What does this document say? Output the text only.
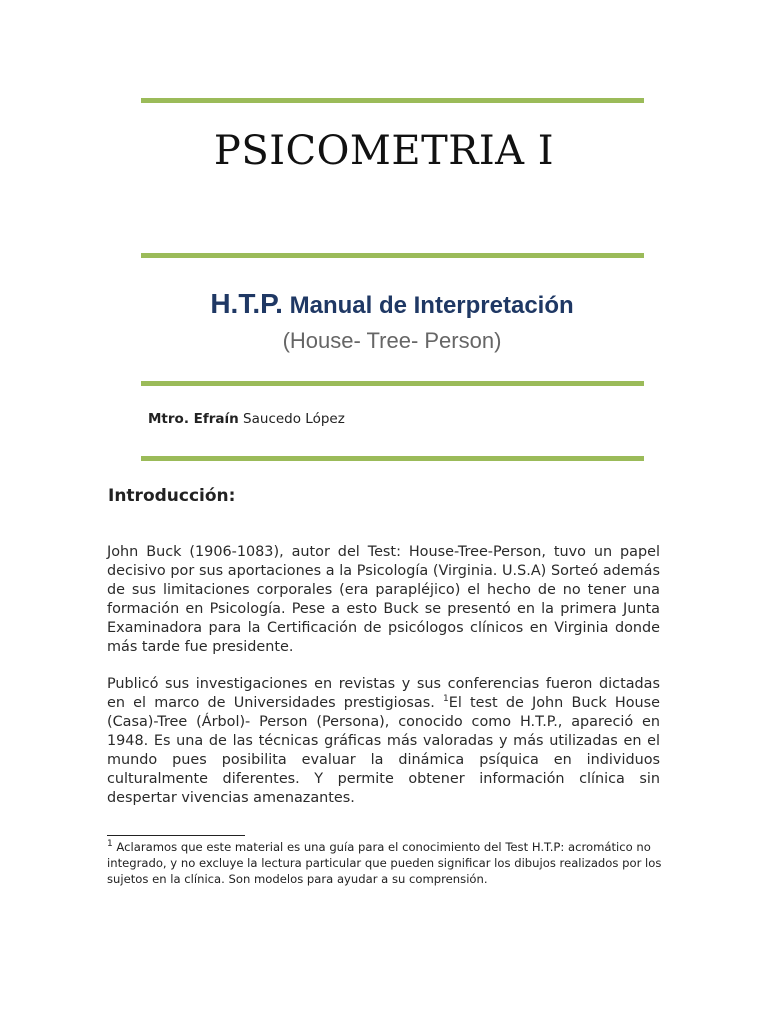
PSICOMETRIA I
H.T.P. Manual de Interpretación
(House- Tree- Person)
Mtro. Efraín Saucedo López
Introducción:

John Buck (1906-1083), autor del Test: House-Tree-Person, tuvo un papel decisivo por sus aportaciones a la Psicología (Virginia. U.S.A) Sorteó además de sus limitaciones corporales (era parapléjico) el hecho de no tener una formación en Psicología. Pese a esto Buck se presentó en la primera Junta Examinadora para la Certificación de psicólogos clínicos en Virginia donde más tarde fue presidente.

Publicó sus investigaciones en revistas y sus conferencias fueron dictadas en el marco de Universidades prestigiosas. $^1$El test de John Buck House (Casa)-Tree (Árbol)- Person (Persona), conocido como H.T.P., apareció en 1948. Es una de las técnicas gráficas más valoradas y más utilizadas en el mundo pues posibilita evaluar la dinámica psíquica en individuos culturalmente diferentes. Y permite obtener información clínica sin despertar vivencias amenazantes.

$^1$ Aclaramos que este material es una guía para el conocimiento del Test H.T.P: acromático no
integrado, y no excluye la lectura particular que pueden significar los dibujos realizados por los
sujetos en la clínica. Son modelos para ayudar a su comprensión.
